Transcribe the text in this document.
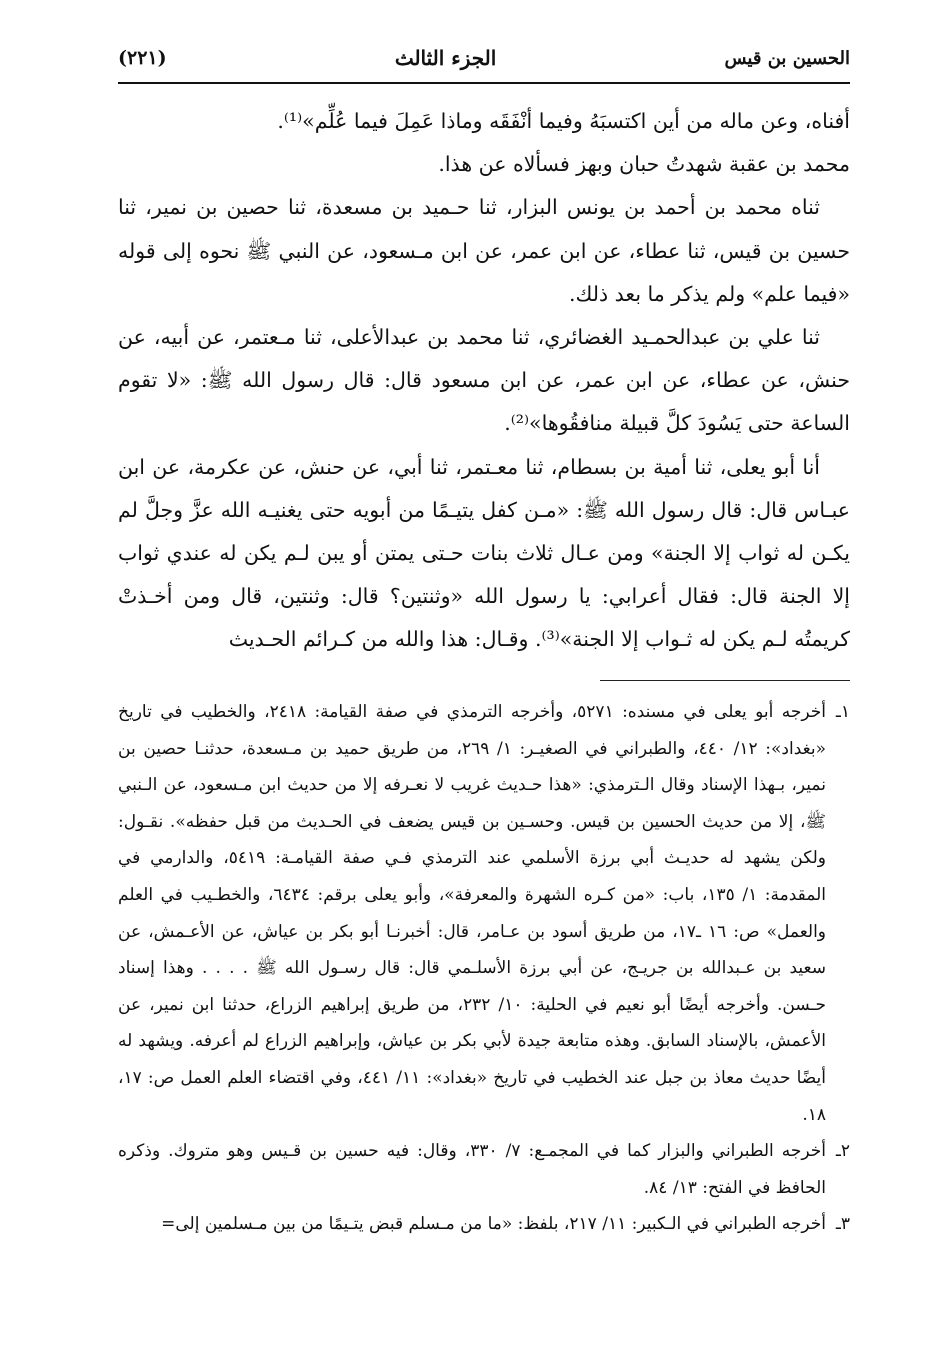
الحسين بن قيس
الجزء الثالث
(٢٢١)

أفناه، وعن ماله من أين اكتسبَهُ وفيما أنْفَقَه وماذا عَمِلَ فيما عُلِّم»⁽¹⁾.

محمد بن عقبة شهدتُ حبان وبهز فسألاه عن هذا.

ثناه محمد بن أحمد بن يونس البزار، ثنا حـميد بن مسعدة، ثنا حصين بن نمير، ثنا حسين بن قيس، ثنا عطاء، عن ابن عمر، عن ابن مـسعود، عن النبي ﷺ نحوه إلى قوله «فيما علم» ولم يذكر ما بعد ذلك.

ثنا علي بن عبدالحمـيد الغضائري، ثنا محمد بن عبدالأعلى، ثنا مـعتمر، عن أبيه، عن حنش، عن عطاء، عن ابن عمر، عن ابن مسعود قال: قال رسول الله ﷺ: «لا تقوم الساعة حتى يَسُودَ كلَّ قبيلة منافقُوها»⁽²⁾.

أنا أبو يعلى، ثنا أمية بن بسطام، ثنا معـتمر، ثنا أبي، عن حنش، عن عكرمة، عن ابن عبـاس قال: قال رسول الله ﷺ: «مـن كفل يتيـمًا من أبويه حتى يغنيـه الله عزَّ وجلَّ لم يكـن له ثواب إلا الجنة» ومن عـال ثلاث بنات حـتى يمتن أو يبن لـم يكن له عندي ثواب إلا الجنة قال: فقال أعرابي: يا رسول الله «وثنتين؟ قال: وثنتين، قال ومن أخـذتْ كريمتُه لـم يكن له ثـواب إلا الجنة»⁽³⁾. وقـال: هذا والله من كـرائم الحـديث

١ـ
أخرجه أبو يعلى في مسنده: ٥٢٧١، وأخرجه الترمذي في صفة القيامة: ٢٤١٨، والخطيب في تاريخ «بغداد»: ١٢/ ٤٤٠، والطبراني في الصغيـر: ١/ ٢٦٩، من طريق حميد بن مـسعدة، حدثنـا حصين بن نمير، بـهذا الإسناد وقال الـترمذي: «هذا حـديث غريب لا نعـرفه إلا من حديث ابن مـسعود، عن الـنبي ﷺ، إلا من حديث الحسين بن قيس. وحسـين بن قيس يضعف في الحـديث من قبل حفظه». نقـول: ولكن يشهد له حديـث أبي برزة الأسلمي عند الترمذي فـي صفة القيامـة: ٥٤١٩، والدارمي في المقدمة: ١/ ١٣٥، باب: «من كـره الشهرة والمعرفة»، وأبو يعلى برقم: ٦٤٣٤، والخطـيب في العلم والعمل» ص: ١٦ ـ١٧، من طريق أسود بن عـامر، قال: أخبرنـا أبو بكر بن عياش، عن الأعـمش، عن سعيد بن عـبدالله بن جريـج، عن أبي برزة الأسلـمي قال: قال رسـول الله ﷺ . . . . وهذا إسناد حـسن. وأخرجه أيضًا أبو نعيم في الحلية: ١٠/ ٢٣٢، من طريق إبراهيم الزراع، حدثنا ابن نمير، عن الأعمش، بالإسناد السابق. وهذه متابعة جيدة لأبي بكر بن عياش، وإبراهيم الزراع لم أعرفه. ويشهد له أيضًا حديث معاذ بن جبل عند الخطيب في تاريخ «بغداد»: ١١/ ٤٤١، وفي اقتضاء العلم العمل ص: ١٧، ١٨.

٢ـ
أخرجه الطبراني والبزار كما في المجمـع: ٧/ ٣٣٠، وقال: فيه حسين بن قـيس وهو متروك. وذكره الحافظ في الفتح: ١٣/ ٨٤.

٣ـ
أخرجه الطبراني في الـكبير: ١١/ ٢١٧، بلفظ: «ما من مـسلم قبض يتـيمًا من بين مـسلمين إلى=
